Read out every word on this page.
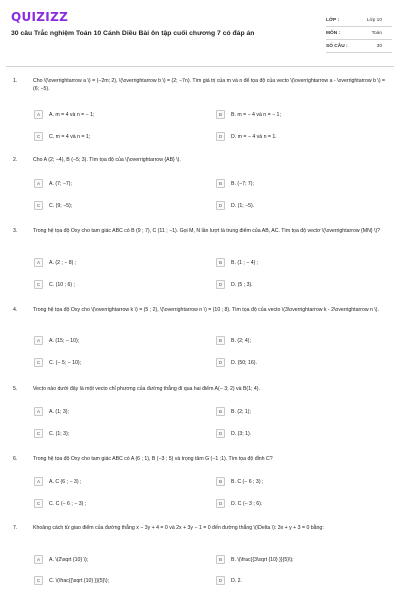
QUIZIZZ
30 câu Trắc nghiệm Toán 10 Cánh Diều Bài ôn tập cuối chương 7 có đáp án
LỚP :	Lớp 10
MÔN :	Toán
SỐ CÂU :	30
1.	Cho \(\overrightarrow a \) = (−2m; 2), \(\overrightarrow b \) = (2; −7n). Tìm giá trị của m và n để tọa độ của vecto \(\overrightarrow a - \overrightarrow b \) = (6; −5).
A	A. m = 4 và n = − 1;	B	B. m = − 4 và n = − 1;
C	C. m = 4 và n = 1;	D	D. m = − 4 và n = 1.
2.	Cho A (2; −4), B (−5; 3). Tìm tọa độ của \(\overrightarrow {AB} \).
A	A. (7; −7);	B	B. (−7; 7);
C	C. (9; −5);	D	D. (1; −5).
3.	Trong hệ tọa độ Oxy cho tam giác ABC có B (9 ; 7), C (11 ; −1). Gọi M, N lần lượt là trung điểm của AB, AC. Tìm tọa độ vectơ \(\overrightarrow {MN} \)?
A	A. (2 ; − 8) ;	B	B. (1 ; − 4) ;
C	C. (10 ; 6) ;	D	D. (5 ; 3).
4.	Trong hệ tọa độ Oxy cho \(\overrightarrow k \) = (5 ; 2), \(\overrightarrow n \) = (10 ; 8). Tìm tọa độ của vecto \(3\overrightarrow k - 2\overrightarrow n \).
A	A. (15; − 10);	B	B. (2; 4);
C	C. (− 5; − 10);	D	D. (50; 16).
5.	Vecto nào dưới đây là một vecto chỉ phương của đường thẳng đi qua hai điểm A(− 3; 2) và B(1; 4).
A	A. (1; 3);	B	B. (2; 1);
C	C. (1; 3);	D	D. (3; 1).
6.	Trong hệ tọa độ Oxy cho tam giác ABC có A (6 ; 1), B (−3 ; 5) và trọng tâm G (−1 ;1). Tìm tọa độ đỉnh C?
A	A. C (6 ; − 3) ;	B	B. C (− 6 ; 3) ;
C	C. C (− 6 ; − 3) ;	D	D. C (− 3 ; 6).
7.	Khoảng cách từ giao điểm của đường thẳng x − 3y + 4 = 0 và 2x + 3y − 1 = 0 đến đường thẳng \(\Delta \): 3x + y + 3 = 0 bằng:
A	A. \(2\sqrt {10} \);	B	B. \(\frac{{3\sqrt {10} }}{5}\);
C	C. \(\frac{{\sqrt {10} }}{5}\);	D	D. 2.
